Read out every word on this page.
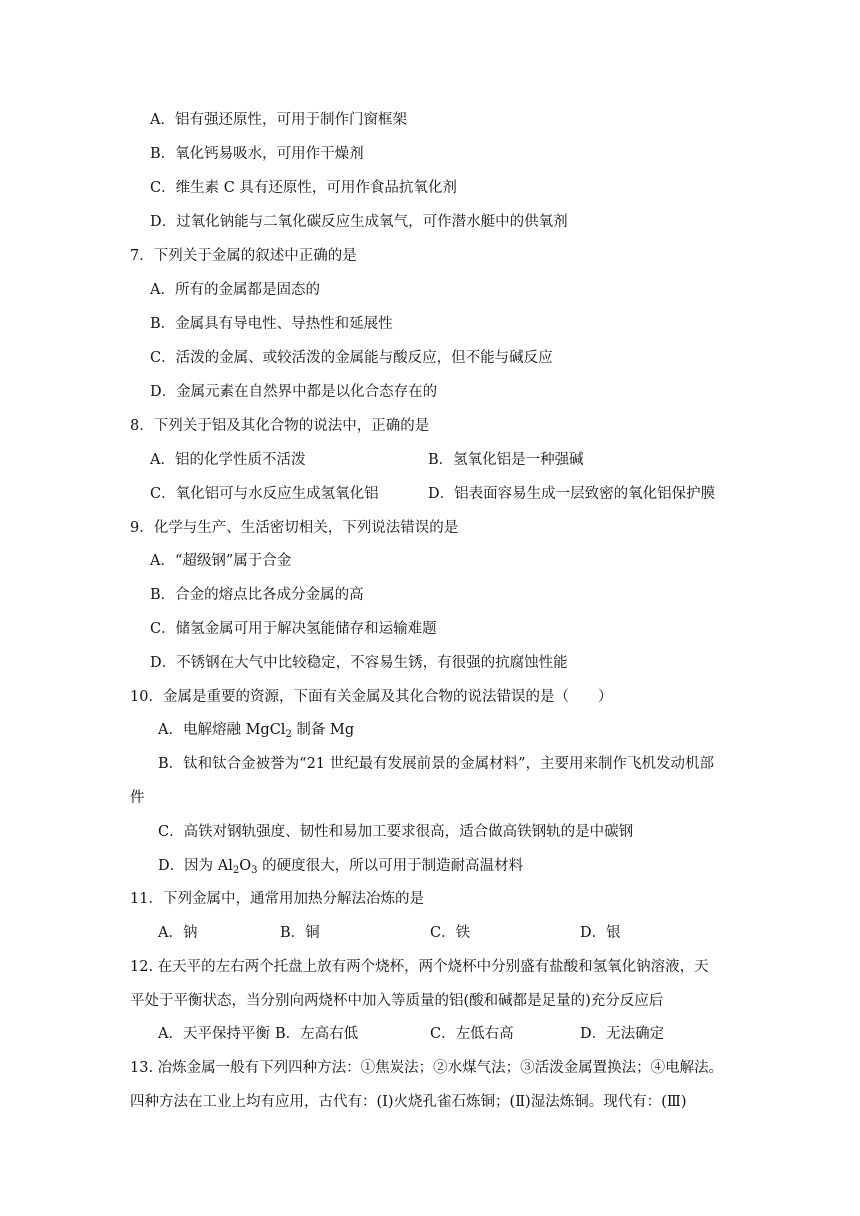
A．铝有强还原性，可用于制作门窗框架
B．氧化钙易吸水，可用作干燥剂
C．维生素 C 具有还原性，可用作食品抗氧化剂
D．过氧化钠能与二氧化碳反应生成氧气，可作潜水艇中的供氧剂
7．下列关于金属的叙述中正确的是
A．所有的金属都是固态的
B．金属具有导电性、导热性和延展性
C．活泼的金属、或较活泼的金属能与酸反应，但不能与碱反应
D．金属元素在自然界中都是以化合态存在的
8．下列关于铝及其化合物的说法中，正确的是
A．铝的化学性质不活泼	B．氢氧化铝是一种强碱
C．氧化铝可与水反应生成氢氧化铝	D．铝表面容易生成一层致密的氧化铝保护膜
9．化学与生产、生活密切相关，下列说法错误的是
A．“超级钢”属于合金
B．合金的熔点比各成分金属的高
C．储氢金属可用于解决氢能储存和运输难题
D．不锈钢在大气中比较稳定，不容易生锈，有很强的抗腐蚀性能
10．金属是重要的资源，下面有关金属及其化合物的说法错误的是（　　）
A．电解熔融 MgCl$_2$ 制备 Mg
B．钛和钛合金被誉为“21 世纪最有发展前景的金属材料”，主要用来制作飞机发动机部
件
C．高铁对钢轨强度、韧性和易加工要求很高，适合做高铁钢轨的是中碳钢
D．因为 $Al_2O_3$ 的硬度很大，所以可用于制造耐高温材料
11．下列金属中，通常用加热分解法冶炼的是
A．钠	B．铜	C．铁	D．银
12. 在天平的左右两个托盘上放有两个烧杯，两个烧杯中分别盛有盐酸和氢氧化钠溶液，天
平处于平衡状态，当分别向两烧杯中加入等质量的铝(酸和碱都是足量的)充分反应后
A．天平保持平衡 B．左高右低	C．左低右高	D．无法确定
13. 冶炼金属一般有下列四种方法：①焦炭法；②水煤气法；③活泼金属置换法；④电解法。
四种方法在工业上均有应用，古代有：(Ⅰ)火烧孔雀石炼铜；(Ⅱ)湿法炼铜。现代有：(Ⅲ)
